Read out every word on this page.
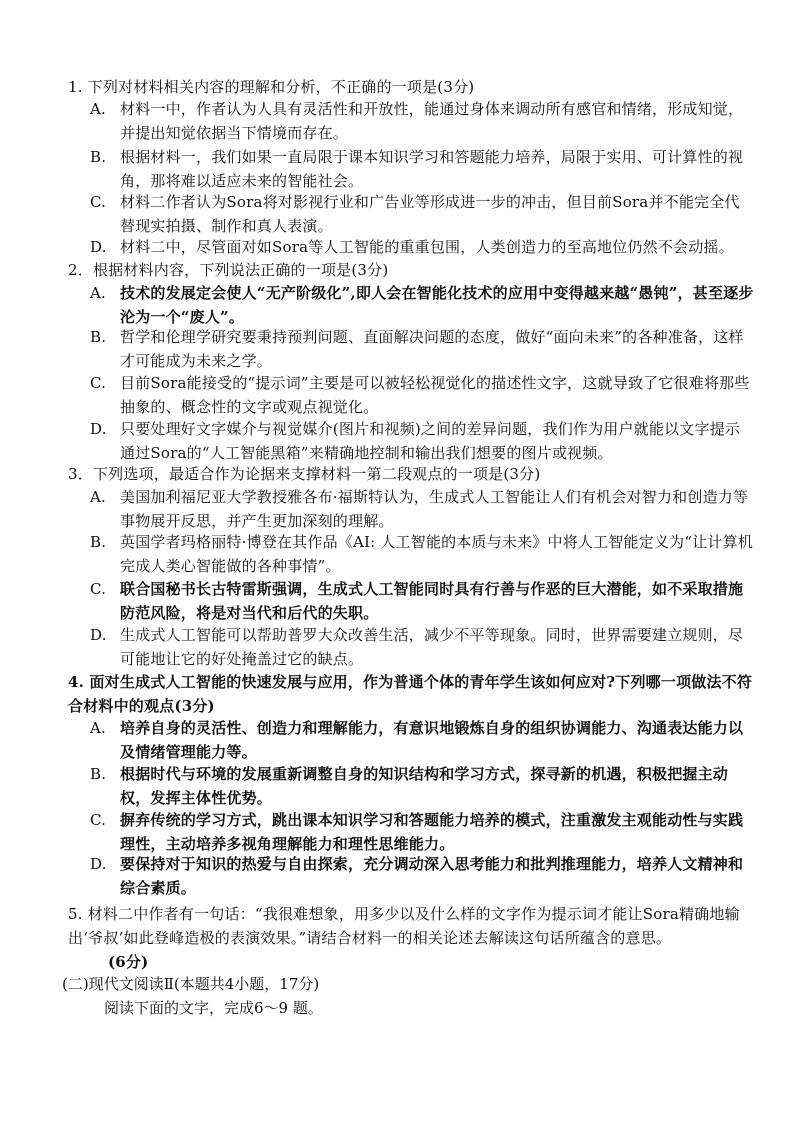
1. 下列对材料相关内容的理解和分析，不正确的一项是(3分)
A. 材料一中，作者认为人具有灵活性和开放性，能通过身体来调动所有感官和情绪，形成知觉，并提出知觉依据当下情境而存在。
B. 根据材料一，我们如果一直局限于课本知识学习和答题能力培养，局限于实用、可计算性的视角，那将难以适应未来的智能社会。
C. 材料二作者认为Sora将对影视行业和广告业等形成进一步的冲击，但目前Sora并不能完全代替现实拍摄、制作和真人表演。
D. 材料二中，尽管面对如Sora等人工智能的重重包围，人类创造力的至高地位仍然不会动摇。
2．根据材料内容，下列说法正确的一项是(3分)
A. 技术的发展定会使人“无产阶级化”,即人会在智能化技术的应用中变得越来越“愚钝”，甚至逐步沦为一个“废人”。
B. 哲学和伦理学研究要秉持预判问题、直面解决问题的态度，做好“面向未来”的各种准备，这样才可能成为未来之学。
C. 目前Sora能接受的“提示词”主要是可以被轻松视觉化的描述性文字，这就导致了它很难将那些抽象的、概念性的文字或观点视觉化。
D. 只要处理好文字媒介与视觉媒介(图片和视频)之间的差异问题，我们作为用户就能以文字提示通过Sora的“人工智能黑箱”来精确地控制和输出我们想要的图片或视频。
3．下列选项，最适合作为论据来支撑材料一第二段观点的一项是(3分)
A. 美国加利福尼亚大学教授雅各布·福斯特认为，生成式人工智能让人们有机会对智力和创造力等事物展开反思，并产生更加深刻的理解。
B. 英国学者玛格丽特·博登在其作品《AI: 人工智能的本质与未来》中将人工智能定义为“让计算机完成人类心智能做的各种事情”。
C. 联合国秘书长古特雷斯强调，生成式人工智能同时具有行善与作恶的巨大潜能，如不采取措施防范风险，将是对当代和后代的失职。
D. 生成式人工智能可以帮助普罗大众改善生活，减少不平等现象。同时，世界需要建立规则，尽可能地让它的好处掩盖过它的缺点。
4. 面对生成式人工智能的快速发展与应用，作为普通个体的青年学生该如何应对?下列哪一项做法不符合材料中的观点(3分)
A. 培养自身的灵活性、创造力和理解能力，有意识地锻炼自身的组织协调能力、沟通表达能力以及情绪管理能力等。
B. 根据时代与环境的发展重新调整自身的知识结构和学习方式，探寻新的机遇，积极把握主动权，发挥主体性优势。
C. 摒弃传统的学习方式，跳出课本知识学习和答题能力培养的模式，注重激发主观能动性与实践理性，主动培养多视角理解能力和理性思维能力。
D. 要保持对于知识的热爱与自由探索，充分调动深入思考能力和批判推理能力，培养人文精神和综合素质。
5. 材料二中作者有一句话：“我很难想象，用多少以及什么样的文字作为提示词才能让Sora精确地输出‘爷叔’如此登峰造极的表演效果。”请结合材料一的相关论述去解读这句话所蕴含的意思。
(6分)
(二)现代文阅读Ⅱ(本题共4小题，17分)
阅读下面的文字，完成6～9 题。
